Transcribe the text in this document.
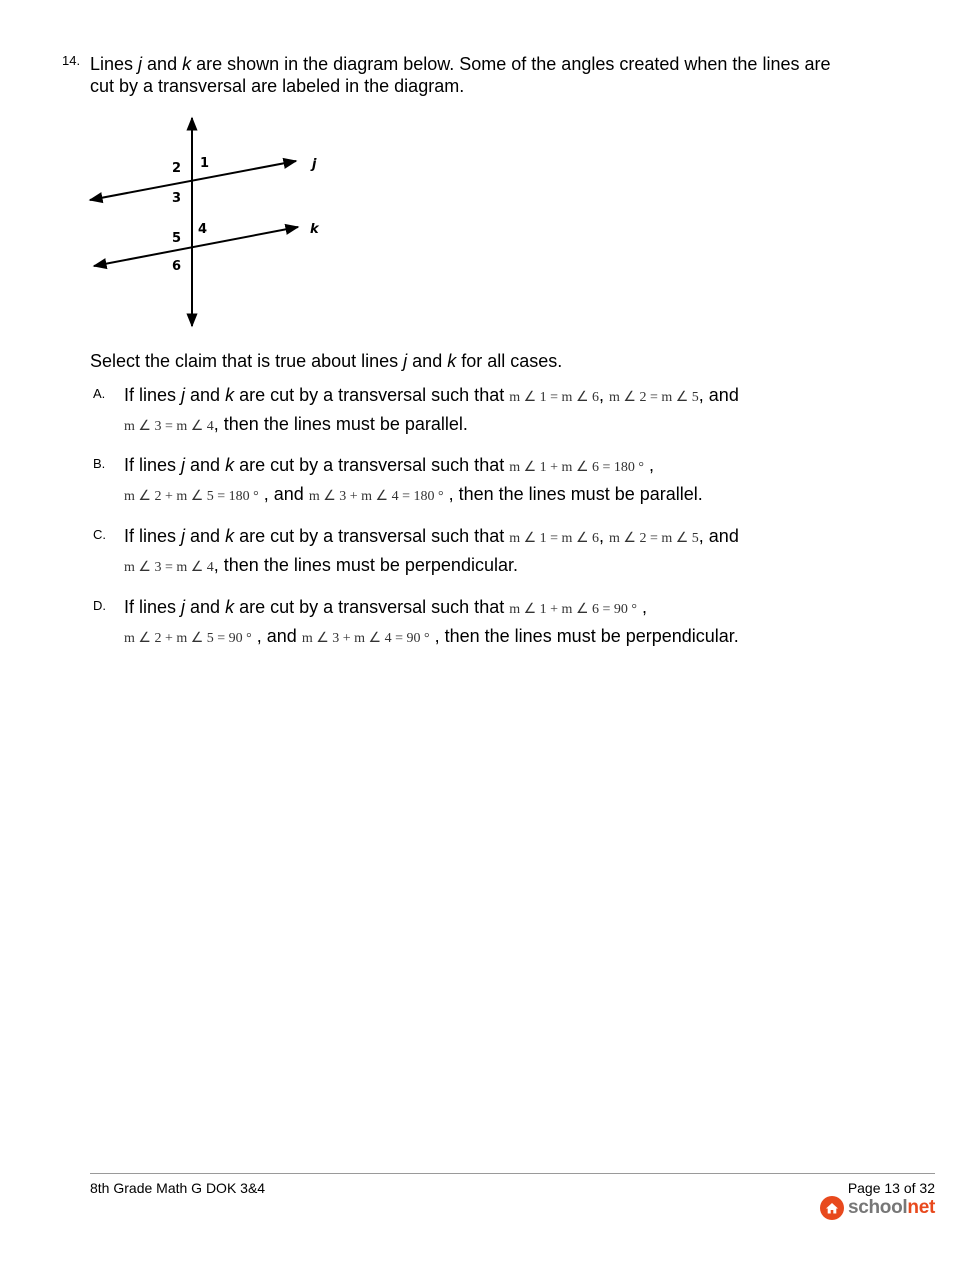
14. Lines j and k are shown in the diagram below. Some of the angles created when the lines are cut by a transversal are labeled in the diagram.
1
2
3
4
5
6
j
k
Select the claim that is true about lines j and k for all cases.
A. If lines j and k are cut by a transversal such that m ∠ 1 = m ∠ 6, m ∠ 2 = m ∠ 5, and
m ∠ 3 = m ∠ 4, then the lines must be parallel.
B. If lines j and k are cut by a transversal such that m ∠ 1 + m ∠ 6 = 180 ° ,
m ∠ 2 + m ∠ 5 = 180 ° , and m ∠ 3 + m ∠ 4 = 180 ° , then the lines must be parallel.
C. If lines j and k are cut by a transversal such that m ∠ 1 = m ∠ 6, m ∠ 2 = m ∠ 5, and
m ∠ 3 = m ∠ 4, then the lines must be perpendicular.
D. If lines j and k are cut by a transversal such that m ∠ 1 + m ∠ 6 = 90 ° ,
m ∠ 2 + m ∠ 5 = 90 ° , and m ∠ 3 + m ∠ 4 = 90 ° , then the lines must be perpendicular.
8th Grade Math G DOK 3&4	Page 13 of 32
schoolnet
